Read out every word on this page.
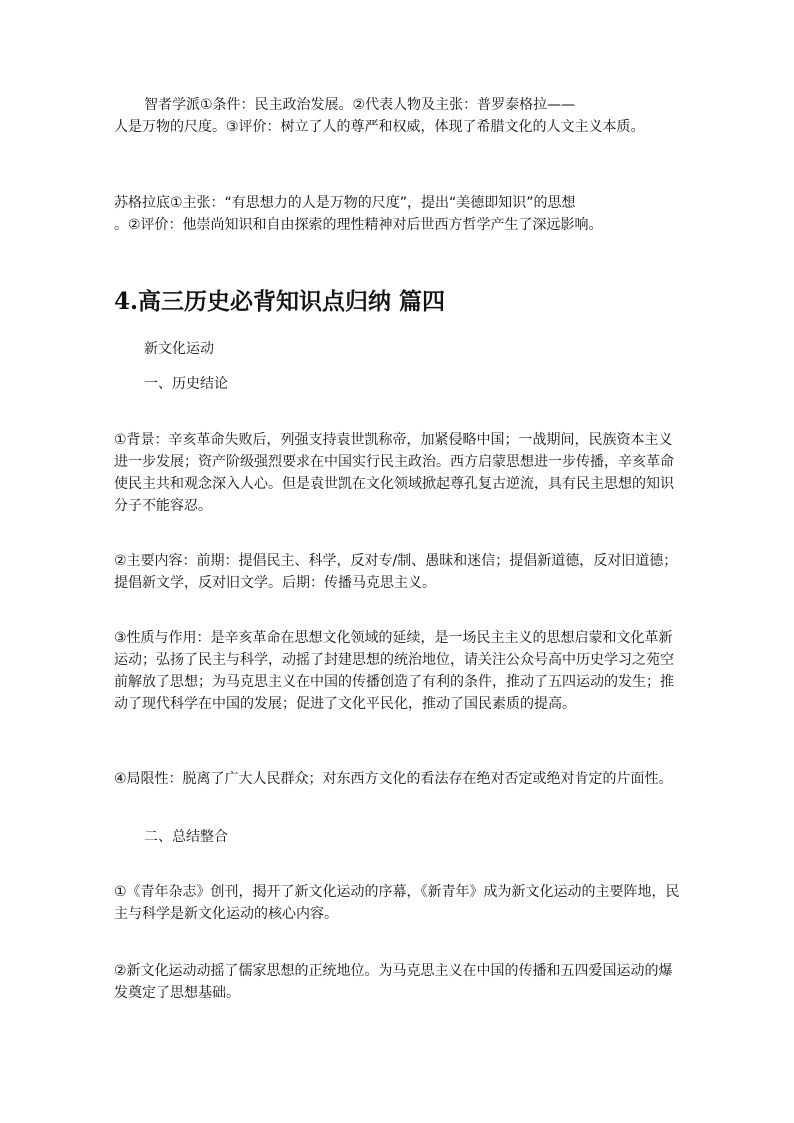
智者学派①条件：民主政治发展。②代表人物及主张：普罗泰格拉——
人是万物的尺度。③评价：树立了人的尊严和权威，体现了希腊文化的人文主义本质。

苏格拉底①主张：“有思想力的人是万物的尺度”，提出“美德即知识”的思想
。②评价：他崇尚知识和自由探索的理性精神对后世西方哲学产生了深远影响。

4.高三历史必背知识点归纳 篇四

新文化运动

一、历史结论

①背景：辛亥革命失败后，列强支持袁世凯称帝，加紧侵略中国；一战期间，民族资本主义进一步发展；资产阶级强烈要求在中国实行民主政治。西方启蒙思想进一步传播，辛亥革命使民主共和观念深入人心。但是袁世凯在文化领域掀起尊孔复古逆流，具有民主思想的知识分子不能容忍。

②主要内容：前期：提倡民主、科学，反对专/制、愚昧和迷信；提倡新道德，反对旧道德；提倡新文学，反对旧文学。后期：传播马克思主义。

③性质与作用：是辛亥革命在思想文化领域的延续，是一场民主主义的思想启蒙和文化革新运动；弘扬了民主与科学，动摇了封建思想的统治地位，请关注公众号高中历史学习之苑空前解放了思想；为马克思主义在中国的传播创造了有利的条件，推动了五四运动的发生；推动了现代科学在中国的发展；促进了文化平民化，推动了国民素质的提高。

④局限性：脱离了广大人民群众；对东西方文化的看法存在绝对否定或绝对肯定的片面性。

二、总结整合

①《青年杂志》创刊，揭开了新文化运动的序幕，《新青年》成为新文化运动的主要阵地，民主与科学是新文化运动的核心内容。

②新文化运动动摇了儒家思想的正统地位。为马克思主义在中国的传播和五四爱国运动的爆发奠定了思想基础。
